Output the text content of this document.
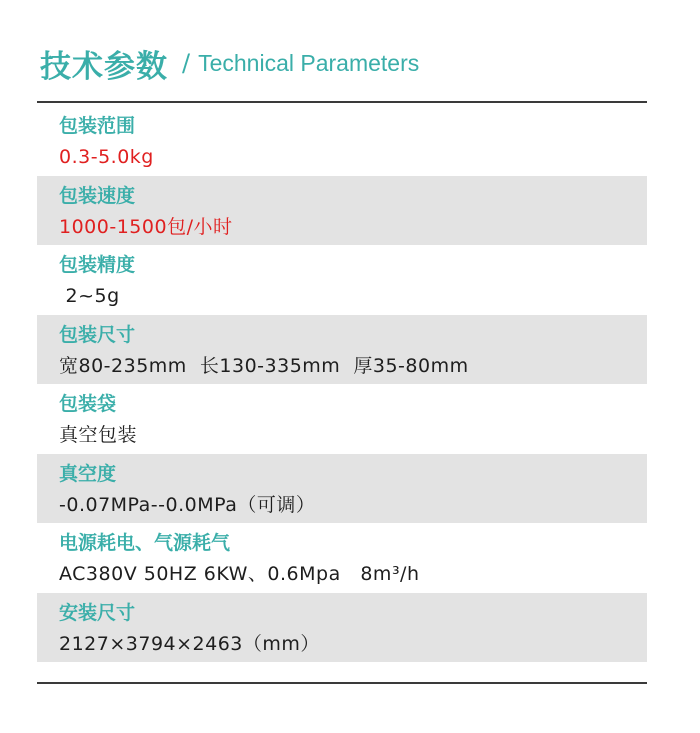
技术参数 / Technical Parameters
包装范围
0.3-5.0kg
包装速度
1000-1500包/小时
包装精度
2~5g
包装尺寸
宽80-235mm  长130-335mm  厚35-80mm
包装袋
真空包装
真空度
-0.07MPa--0.0MPa（可调）
电源耗电、气源耗气
AC380V 50HZ 6KW、0.6Mpa   8m³/h
安装尺寸
2127×3794×2463（mm）
